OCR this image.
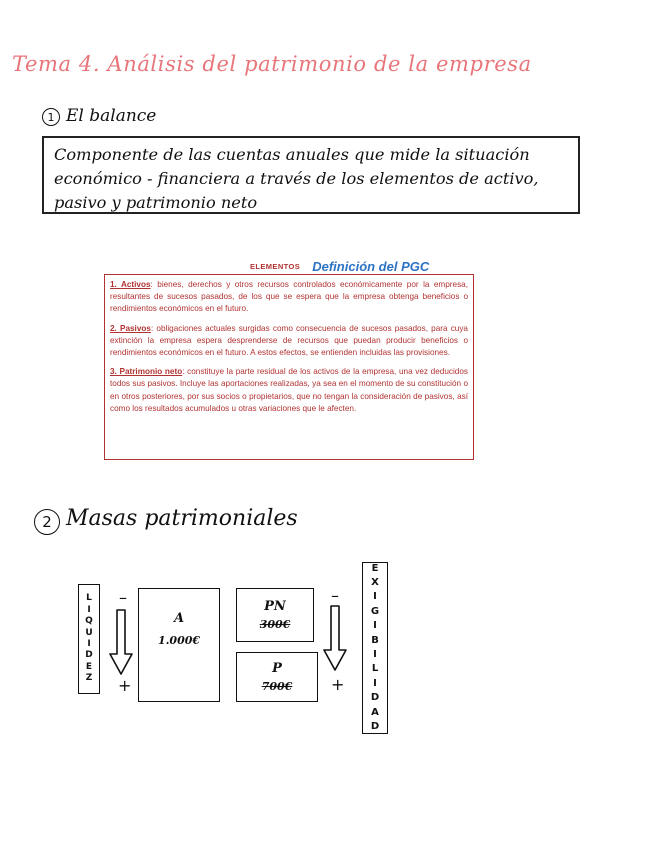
Tema 4. Análisis del patrimonio de la empresa
1 El balance
Componente de las cuentas anuales que mide la situación económico - financiera a través de los elementos de activo, pasivo y patrimonio neto
ELEMENTOS Definición del PGC

1. Activos: bienes, derechos y otros recursos controlados económicamente por la empresa, resultantes de sucesos pasados, de los que se espera que la empresa obtenga beneficios o rendimientos económicos en el futuro.

2. Pasivos: obligaciones actuales surgidas como consecuencia de sucesos pasados, para cuya extinción la empresa espera desprenderse de recursos que puedan producir beneficios o rendimientos económicos en el futuro. A estos efectos, se entienden incluidas las provisiones.

3. Patrimonio neto: constituye la parte residual de los activos de la empresa, una vez deducidos todos sus pasivos. Incluye las aportaciones realizadas, ya sea en el momento de su constitución o en otros posteriores, por sus socios o propietarios, que no tengan la consideración de pasivos, así como los resultados acumulados u otras variaciones que le afecten.

2 Masas patrimoniales
L
I
Q
U
I
D
E
Z
–
+
A
1.000€
PN
300€
P
700€
–
+
E
X
I
G
I
B
I
L
I
D
A
D
